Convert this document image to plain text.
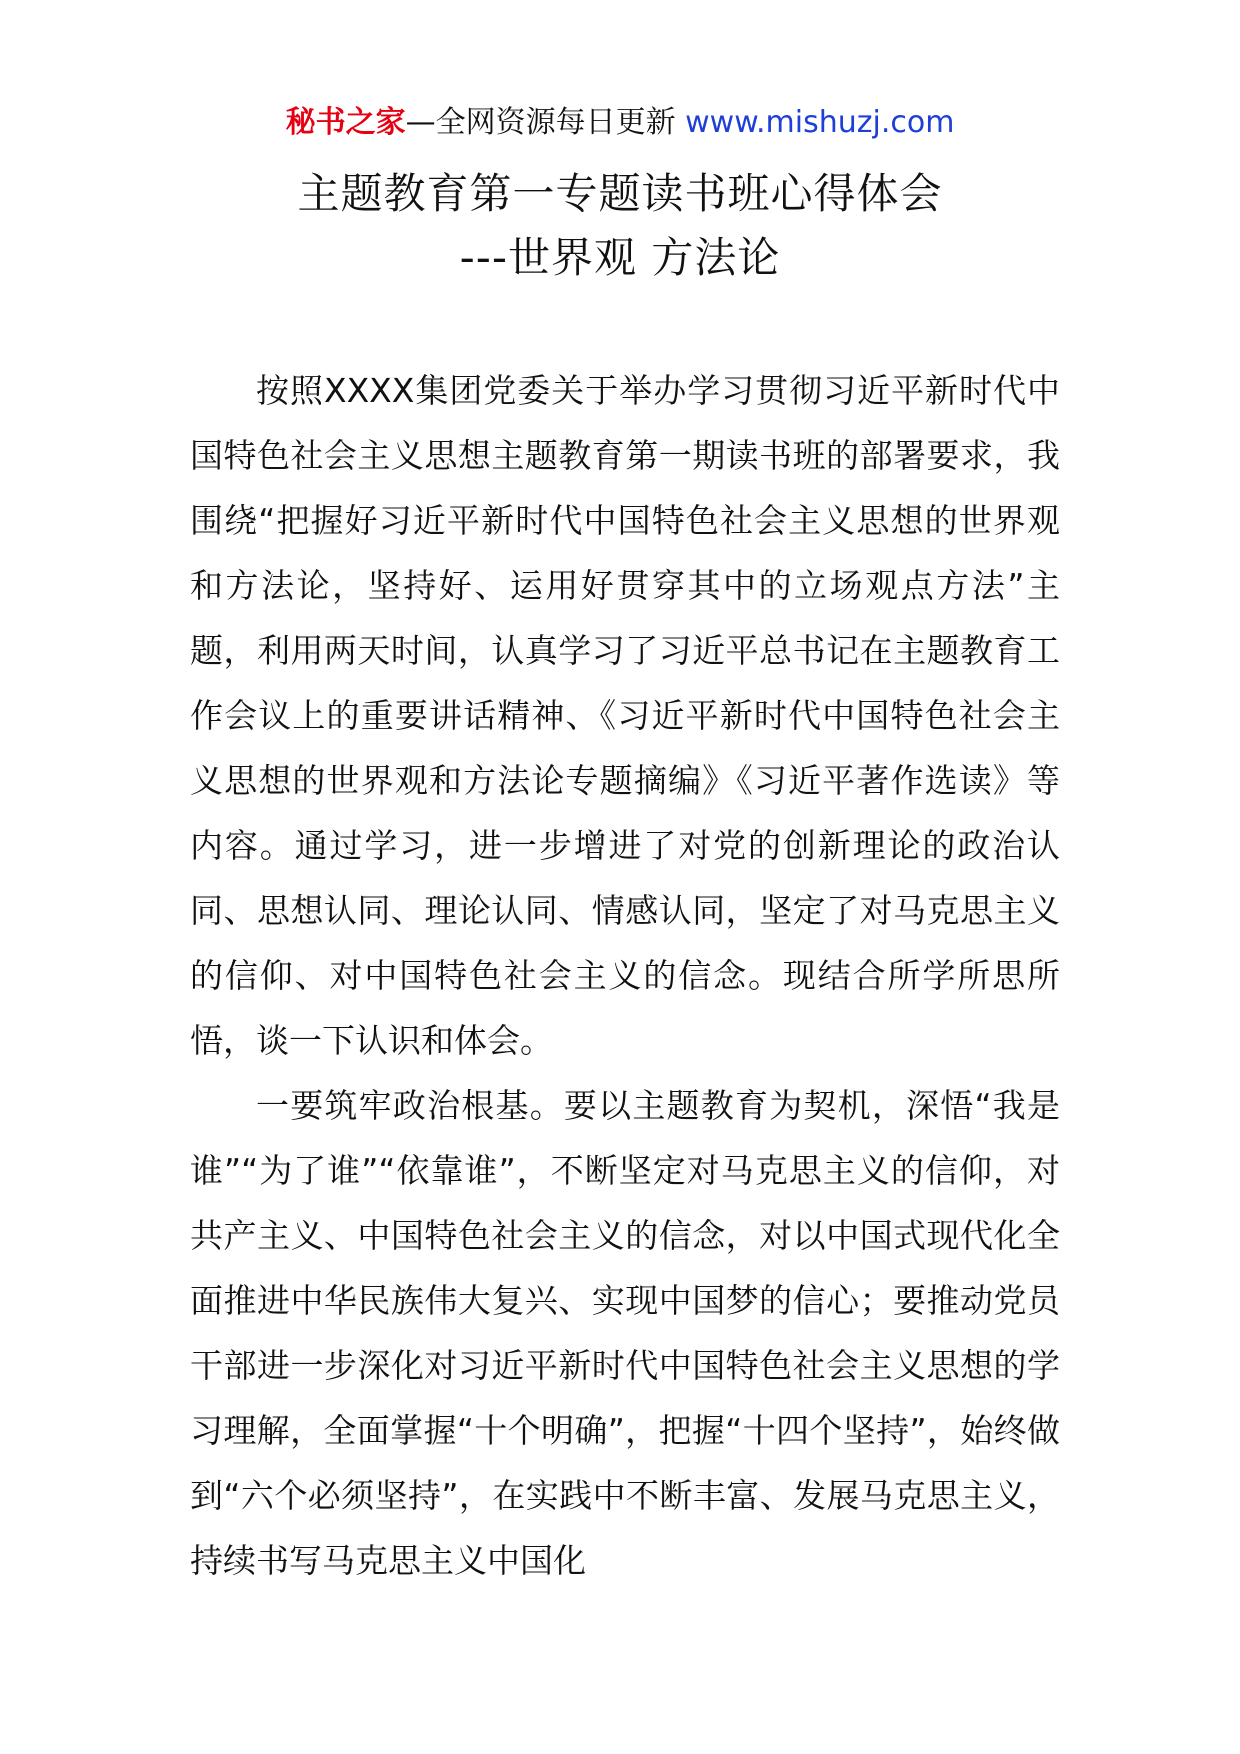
秘书之家—全网资源每日更新 www.mishuzj.com
主题教育第一专题读书班心得体会
---世界观 方法论

按照XXXX集团党委关于举办学习贯彻习近平新时代中国特色社会主义思想主题教育第一期读书班的部署要求，我围绕“把握好习近平新时代中国特色社会主义思想的世界观和方法论，坚持好、运用好贯穿其中的立场观点方法”主题，利用两天时间，认真学习了习近平总书记在主题教育工作会议上的重要讲话精神、《习近平新时代中国特色社会主义思想的世界观和方法论专题摘编》《习近平著作选读》等内容。通过学习，进一步增进了对党的创新理论的政治认同、思想认同、理论认同、情感认同，坚定了对马克思主义的信仰、对中国特色社会主义的信念。现结合所学所思所悟，谈一下认识和体会。

一要筑牢政治根基。要以主题教育为契机，深悟“我是谁”“为了谁”“依靠谁”，不断坚定对马克思主义的信仰，对共产主义、中国特色社会主义的信念，对以中国式现代化全面推进中华民族伟大复兴、实现中国梦的信心；要推动党员干部进一步深化对习近平新时代中国特色社会主义思想的学习理解，全面掌握“十个明确”，把握“十四个坚持”，始终做到“六个必须坚持”，在实践中不断丰富、发展马克思主义，持续书写马克思主义中国化
